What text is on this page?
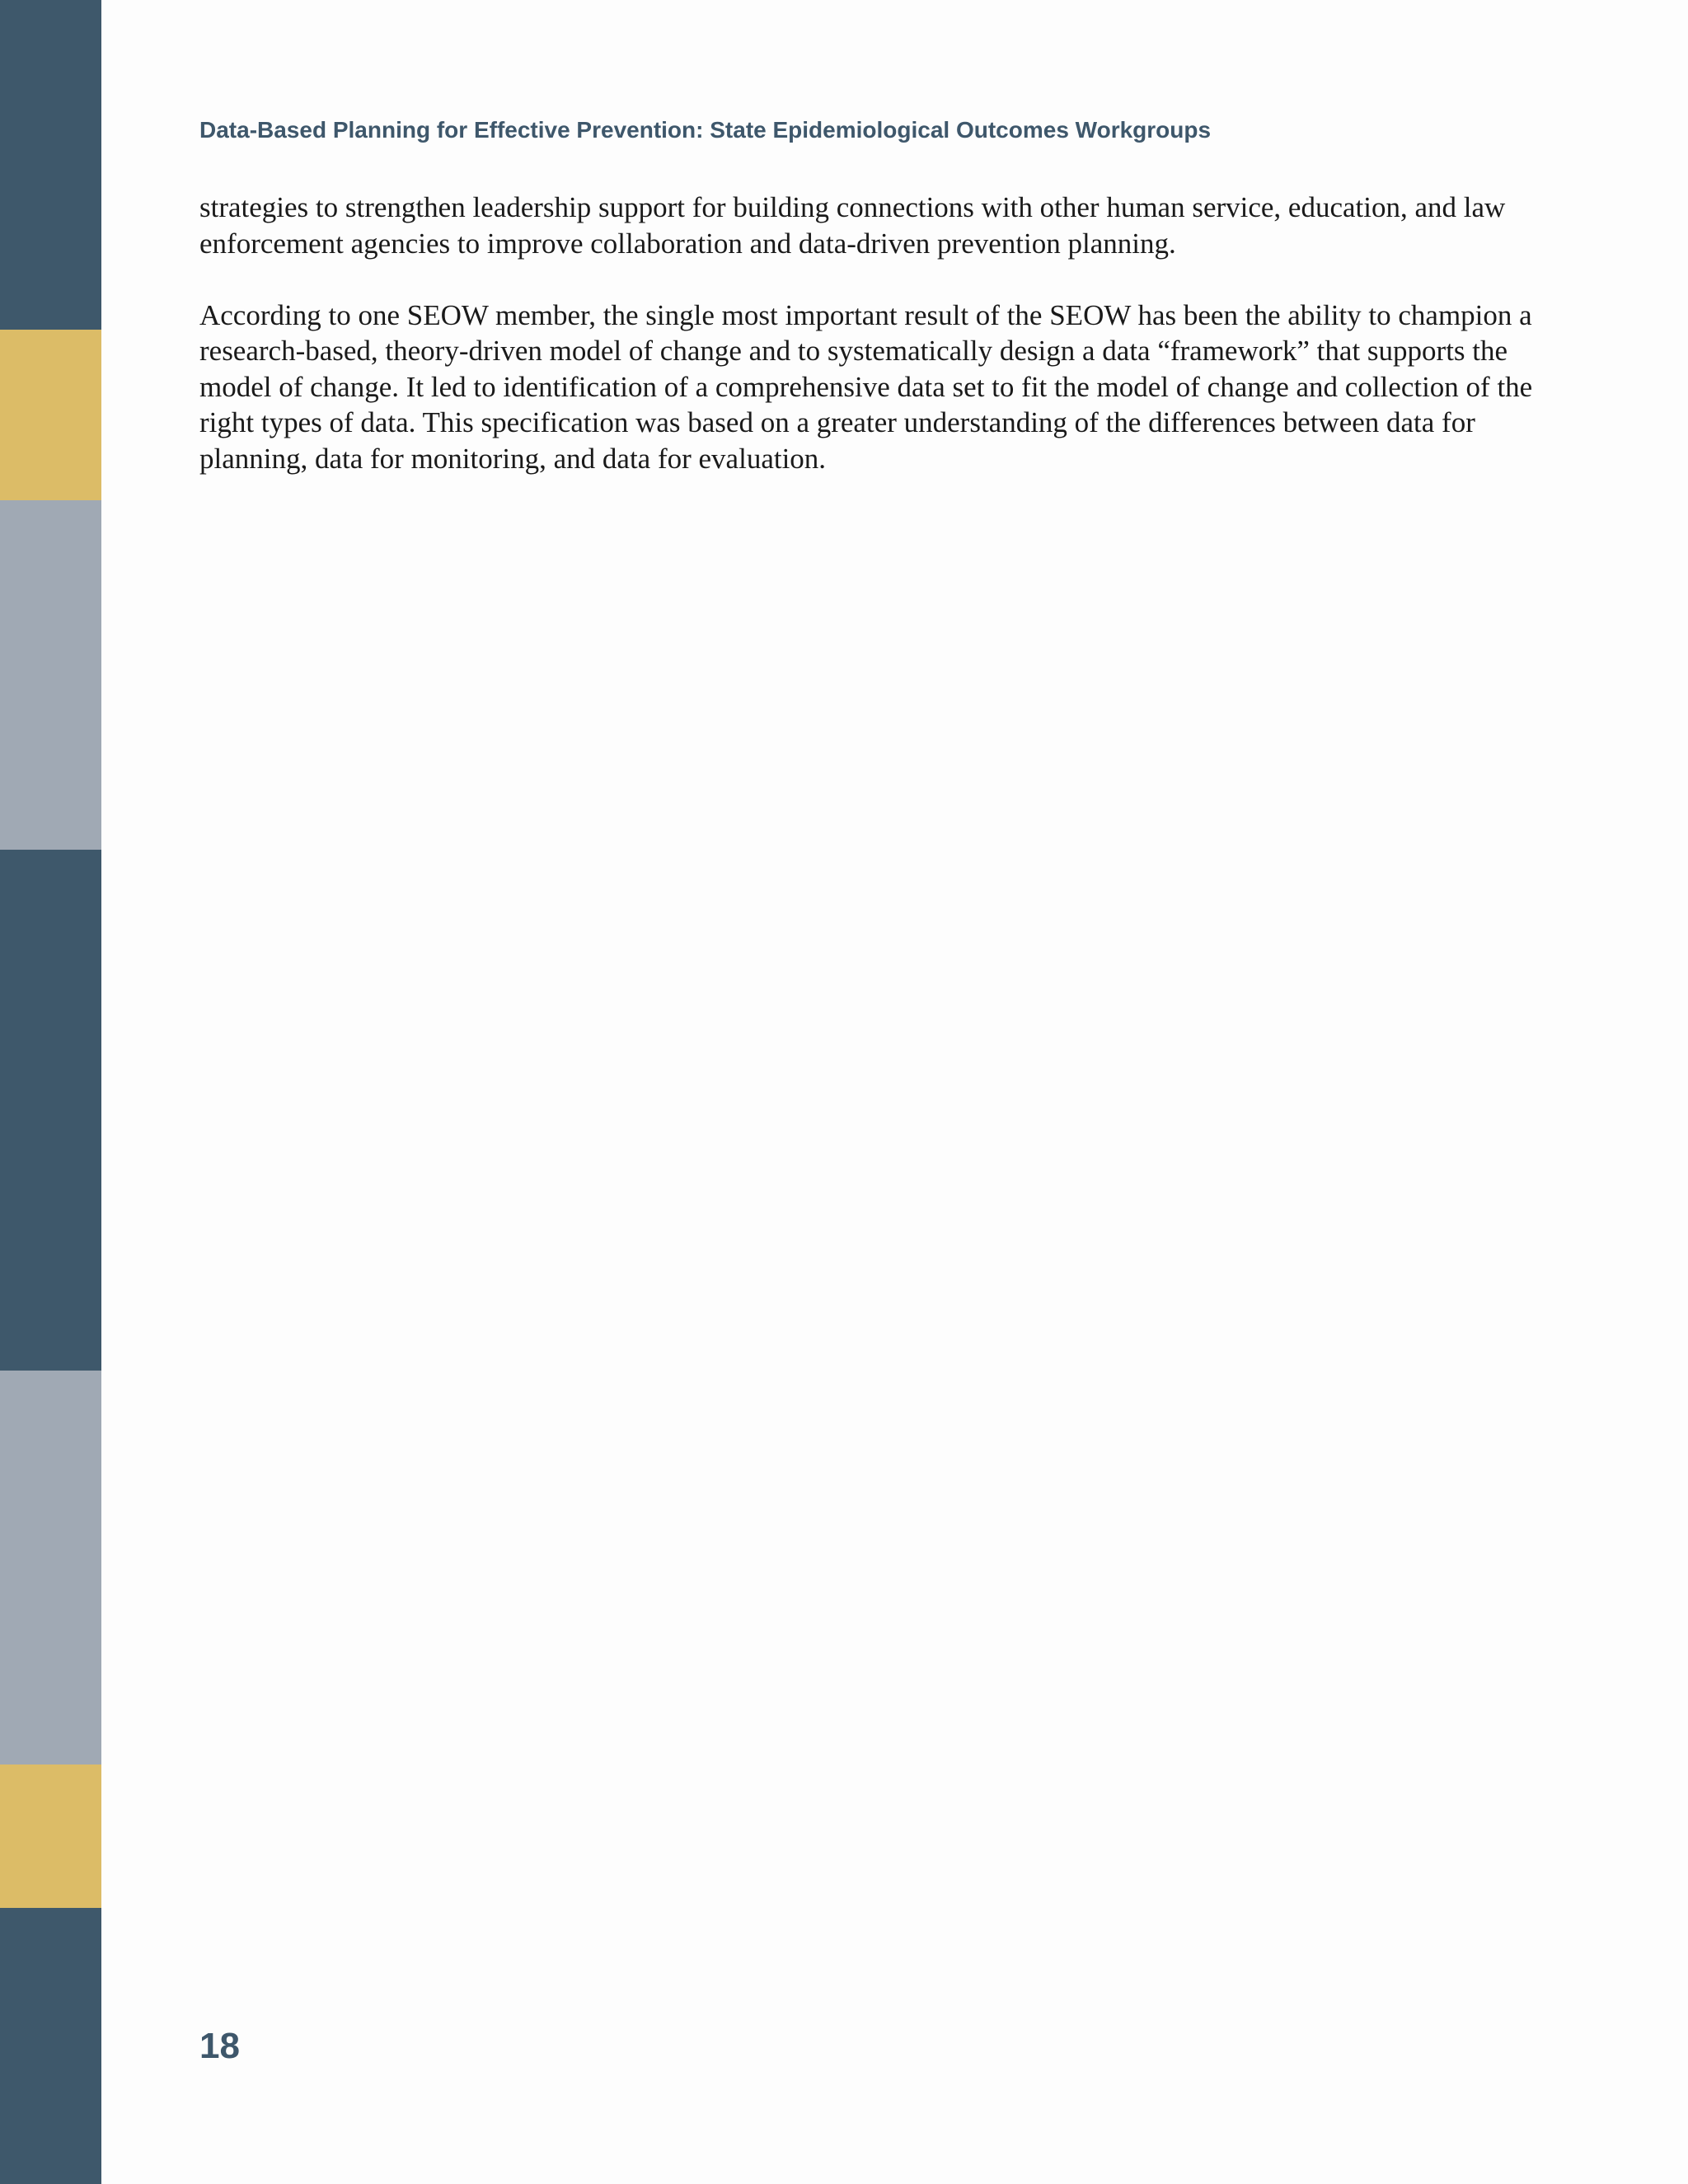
Data-Based Planning for Effective Prevention: State Epidemiological Outcomes Workgroups

strategies to strengthen leadership support for building connections with other human service, education, and law enforcement agencies to improve collaboration and data-driven prevention planning.

According to one SEOW member, the single most important result of the SEOW has been the ability to champion a research-based, theory-driven model of change and to systematically design a data “framework” that supports the model of change. It led to identification of a comprehensive data set to fit the model of change and collection of the right types of data. This specification was based on a greater understanding of the differences between data for planning, data for monitoring, and data for evaluation.

18
